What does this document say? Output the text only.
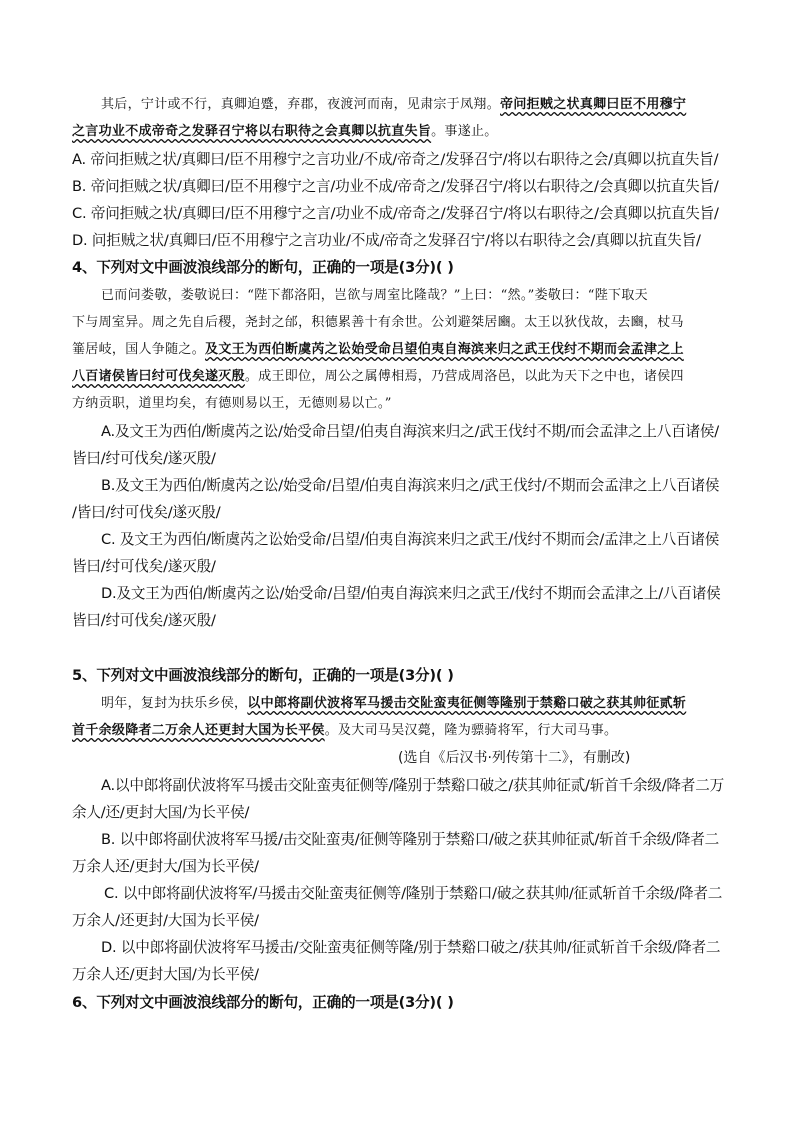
其后，宁计或不行，真卿迫蹙，弃郡，夜渡河而南，见肃宗于凤翔。帝问拒贼之状真卿曰臣不用穆宁
之言功业不成帝奇之发驿召宁将以右职待之会真卿以抗直失旨。事遂止。
A. 帝问拒贼之状/真卿曰/臣不用穆宁之言功业/不成/帝奇之/发驿召宁/将以右职待之会/真卿以抗直失旨/
B. 帝问拒贼之状/真卿曰/臣不用穆宁之言/功业不成/帝奇之/发驿召宁/将以右职待之/会真卿以抗直失旨/
C. 帝问拒贼之状/真卿曰/臣不用穆宁之言/功业不成/帝奇之/发驿召宁/将以右职待之/会真卿以抗直失旨/
D. 问拒贼之状/真卿曰/臣不用穆宁之言功业/不成/帝奇之发驿召宁/将以右职待之会/真卿以抗直失旨/
4、下列对文中画波浪线部分的断句，正确的一项是(3分)( )
已而问娄敬，娄敬说曰：“陛下都洛阳，岂欲与周室比隆哉？”上曰：“然。”娄敬曰：“陛下取天
下与周室异。周之先自后稷，尧封之邰，积德累善十有余世。公刘避桀居豳。太王以狄伐故，去豳，杖马
箠居岐，国人争随之。及文王为西伯断虞芮之讼始受命吕望伯夷自海滨来归之武王伐纣不期而会孟津之上
八百诸侯皆曰纣可伐矣遂灭殷。成王即位，周公之属傅相焉，乃营成周洛邑，以此为天下之中也，诸侯四
方纳贡职，道里均矣，有德则易以王，无德则易以亡。”
A.及文王为西伯/断虞芮之讼/始受命吕望/伯夷自海滨来归之/武王伐纣不期/而会孟津之上八百诸侯/
皆曰/纣可伐矣/遂灭殷/
B.及文王为西伯/断虞芮之讼/始受命/吕望/伯夷自海滨来归之/武王伐纣/不期而会孟津之上八百诸侯
/皆曰/纣可伐矣/遂灭殷/
C. 及文王为西伯/断虞芮之讼始受命/吕望/伯夷自海滨来归之武王/伐纣不期而会/孟津之上八百诸侯
皆曰/纣可伐矣/遂灭殷/
D.及文王为西伯/断虞芮之讼/始受命/吕望/伯夷自海滨来归之武王/伐纣不期而会孟津之上/八百诸侯
皆曰/纣可伐矣/遂灭殷/
5、下列对文中画波浪线部分的断句，正确的一项是(3分)( )
明年，复封为扶乐乡侯，以中郎将副伏波将军马援击交阯蛮夷征侧等隆别于禁谿口破之获其帅征贰斩
首千余级降者二万余人还更封大国为长平侯。及大司马吴汉薨，隆为骠骑将军，行大司马事。
(选自《后汉书·列传第十二》，有删改)
A.以中郎将副伏波将军马援击交阯蛮夷征侧等/隆别于禁谿口破之/获其帅征贰/斩首千余级/降者二万
余人/还/更封大国/为长平侯/
B. 以中郎将副伏波将军马援/击交阯蛮夷/征侧等隆别于禁谿口/破之获其帅征贰/斩首千余级/降者二
万余人还/更封大/国为长平侯/
C. 以中郎将副伏波将军/马援击交阯蛮夷征侧等/隆别于禁谿口/破之获其帅/征贰斩首千余级/降者二
万余人/还更封/大国为长平侯/
D. 以中郎将副伏波将军马援击/交阯蛮夷征侧等隆/别于禁谿口破之/获其帅/征贰斩首千余级/降者二
万余人还/更封大国/为长平侯/
6、下列对文中画波浪线部分的断句，正确的一项是(3分)( )
